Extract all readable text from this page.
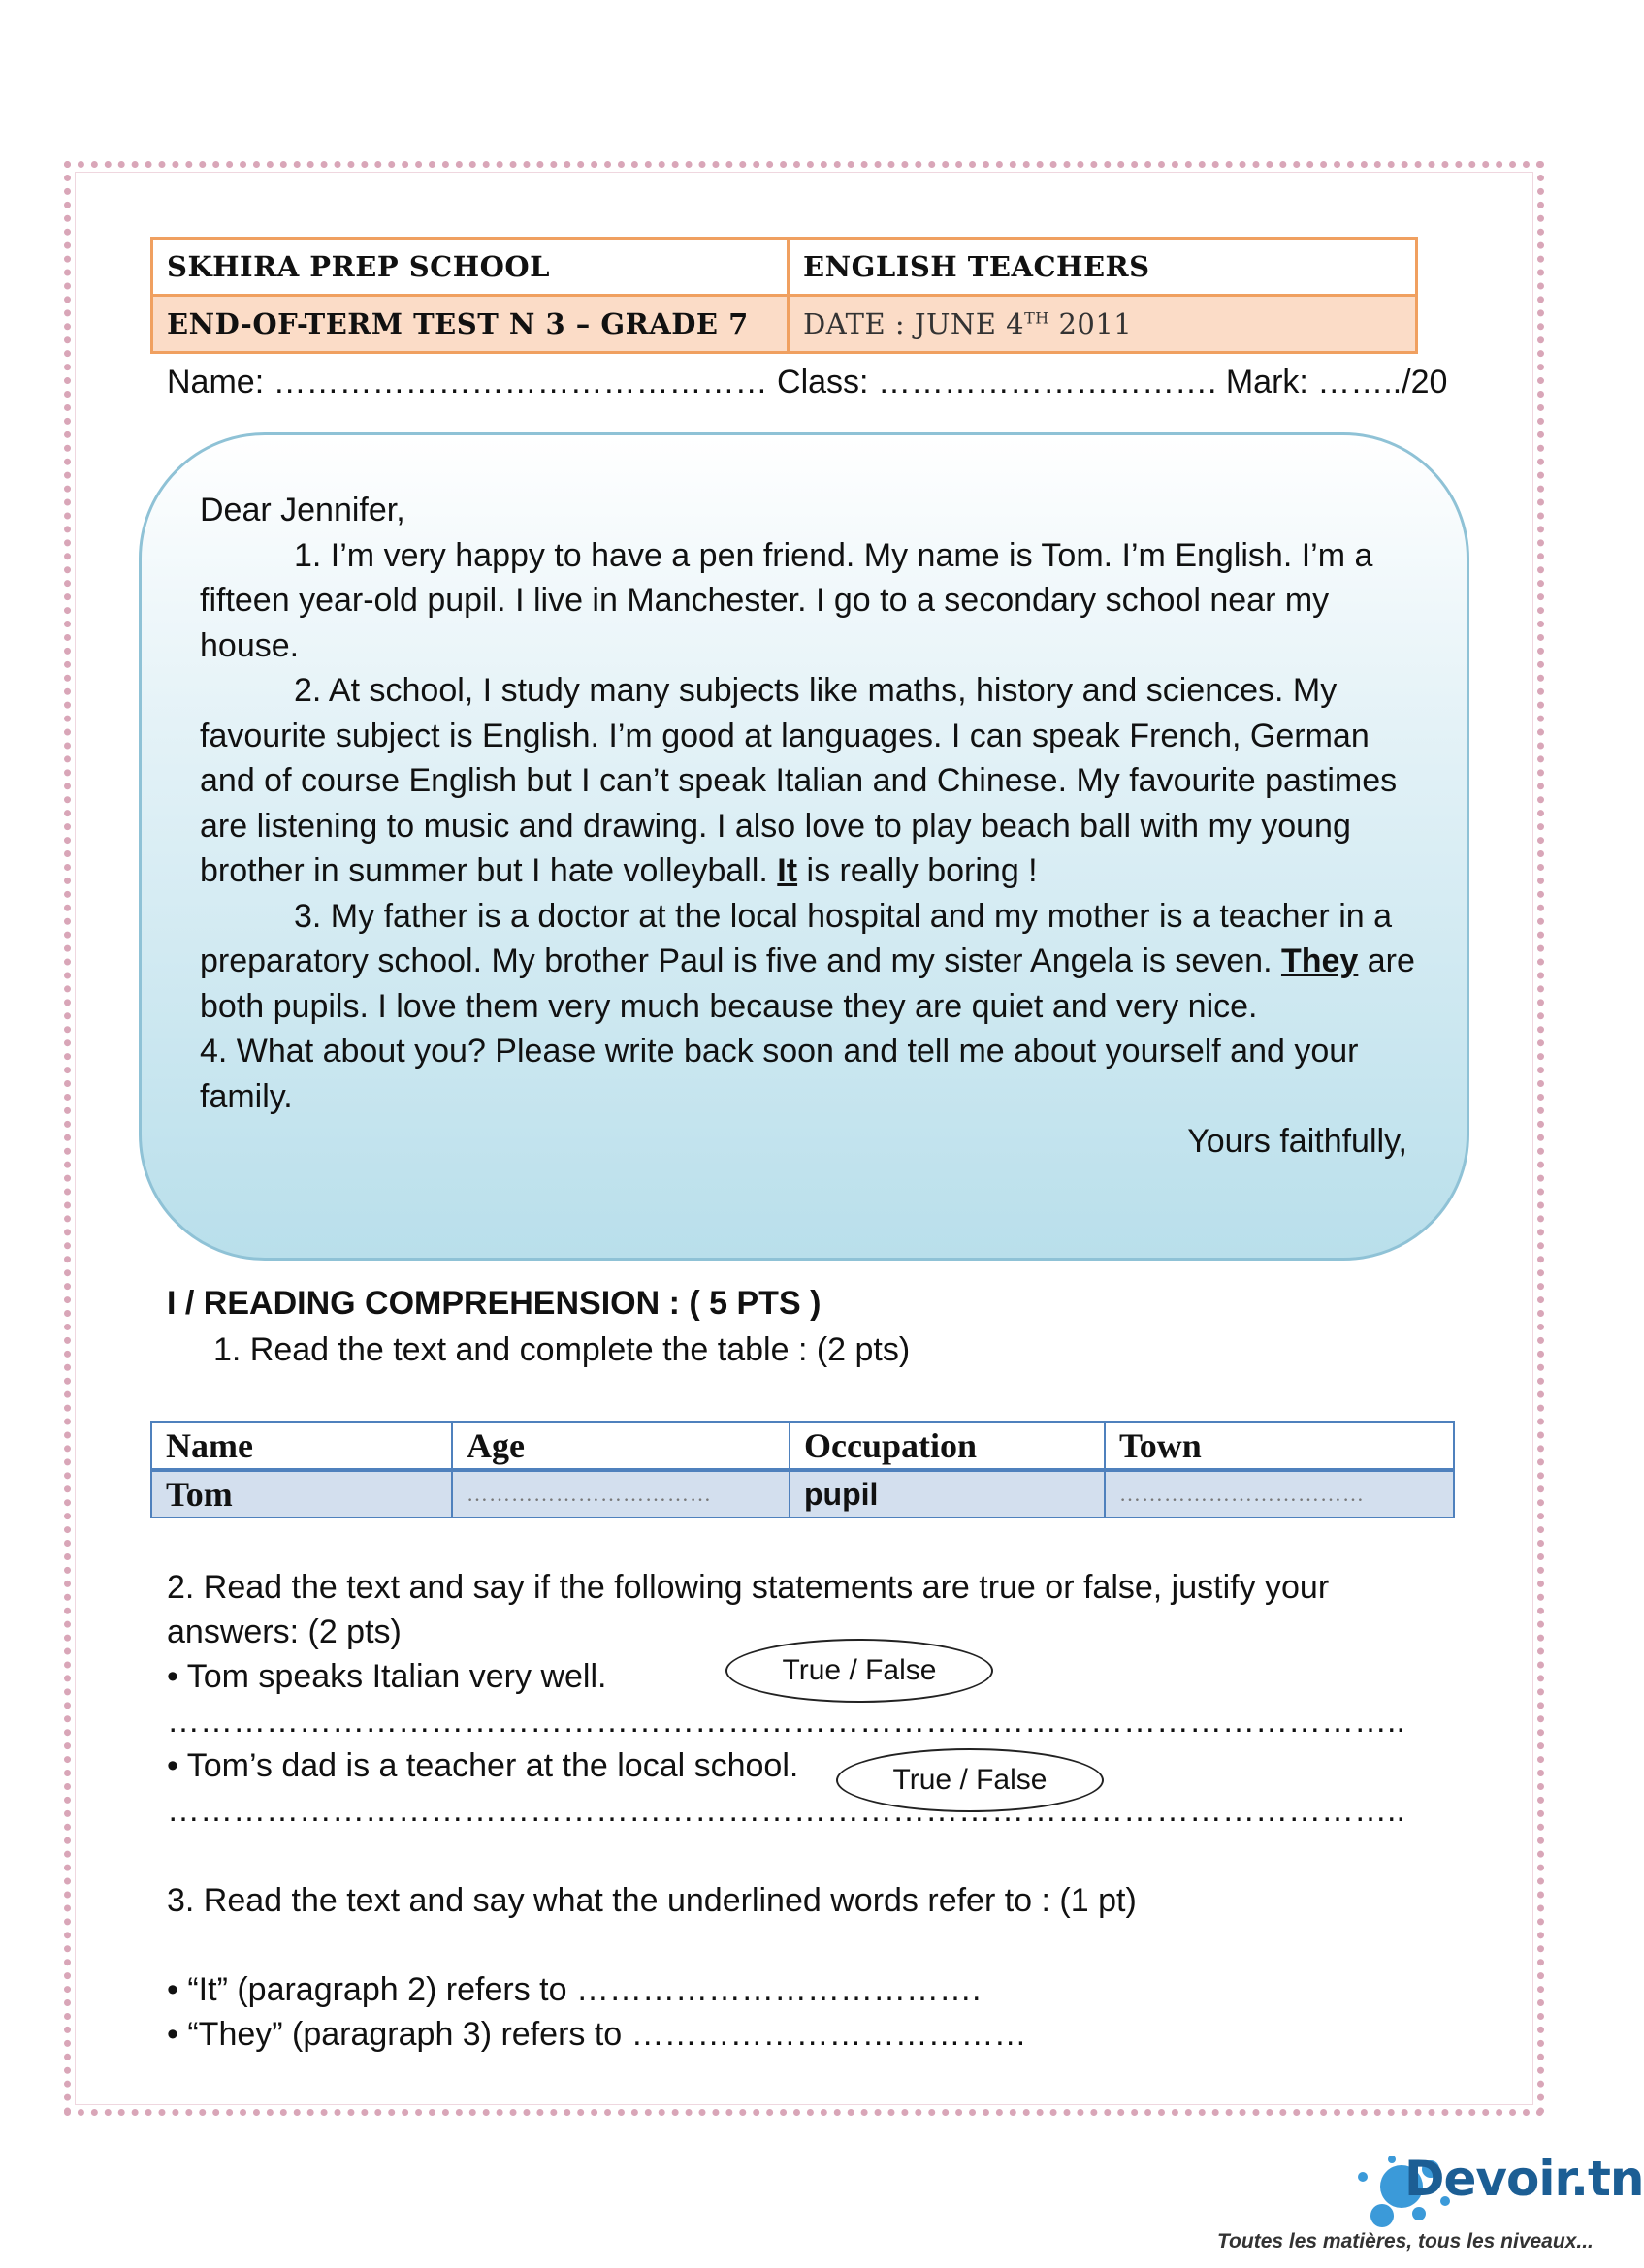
SKHIRA PREP SCHOOL	ENGLISH TEACHERS
END-OF-TERM TEST N 3 – GRADE 7	DATE : JUNE 4TH 2011
Name: ……………………………………… Class: …………………………. Mark: ……../20

Dear Jennifer,

1. I’m very happy to have a pen friend. My name is Tom. I’m English. I’m a fifteen year-old pupil. I live in Manchester. I go to a secondary school near my house.

2. At school, I study many subjects like maths, history and sciences. My favourite subject is English. I’m good at languages. I can speak French, German and of course English but I can’t speak Italian and Chinese. My favourite pastimes are listening to music and drawing. I also love to play beach ball with my young brother in summer but I hate volleyball. It is really boring !

3. My father is a doctor at the local hospital and my mother is a teacher in a preparatory school. My brother Paul is five and my sister Angela is seven. They are both pupils. I love them very much because they are quiet and very nice.

4. What about you? Please write back soon and tell me about yourself and your family.

Yours faithfully,

I / READING COMPREHENSION : ( 5 PTS )
1. Read the text and complete the table : (2 pts)
Name	Age	Occupation	Town
Tom	……………………………	pupil	……………………………
2. Read the text and say if the following statements are true or false, justify your
answers: (2 pts)
• Tom speaks Italian very well.	True / False
…………………………………………………………………………………………………..
• Tom’s dad is a teacher at the local school.	True / False
…………………………………………………………………………………………………..
3. Read the text and say what the underlined words refer to : (1 pt)
• “It” (paragraph 2) refers to ……………………………….
• “They” (paragraph 3) refers to ………………………………
Devoir.tn
Toutes les matières, tous les niveaux...
